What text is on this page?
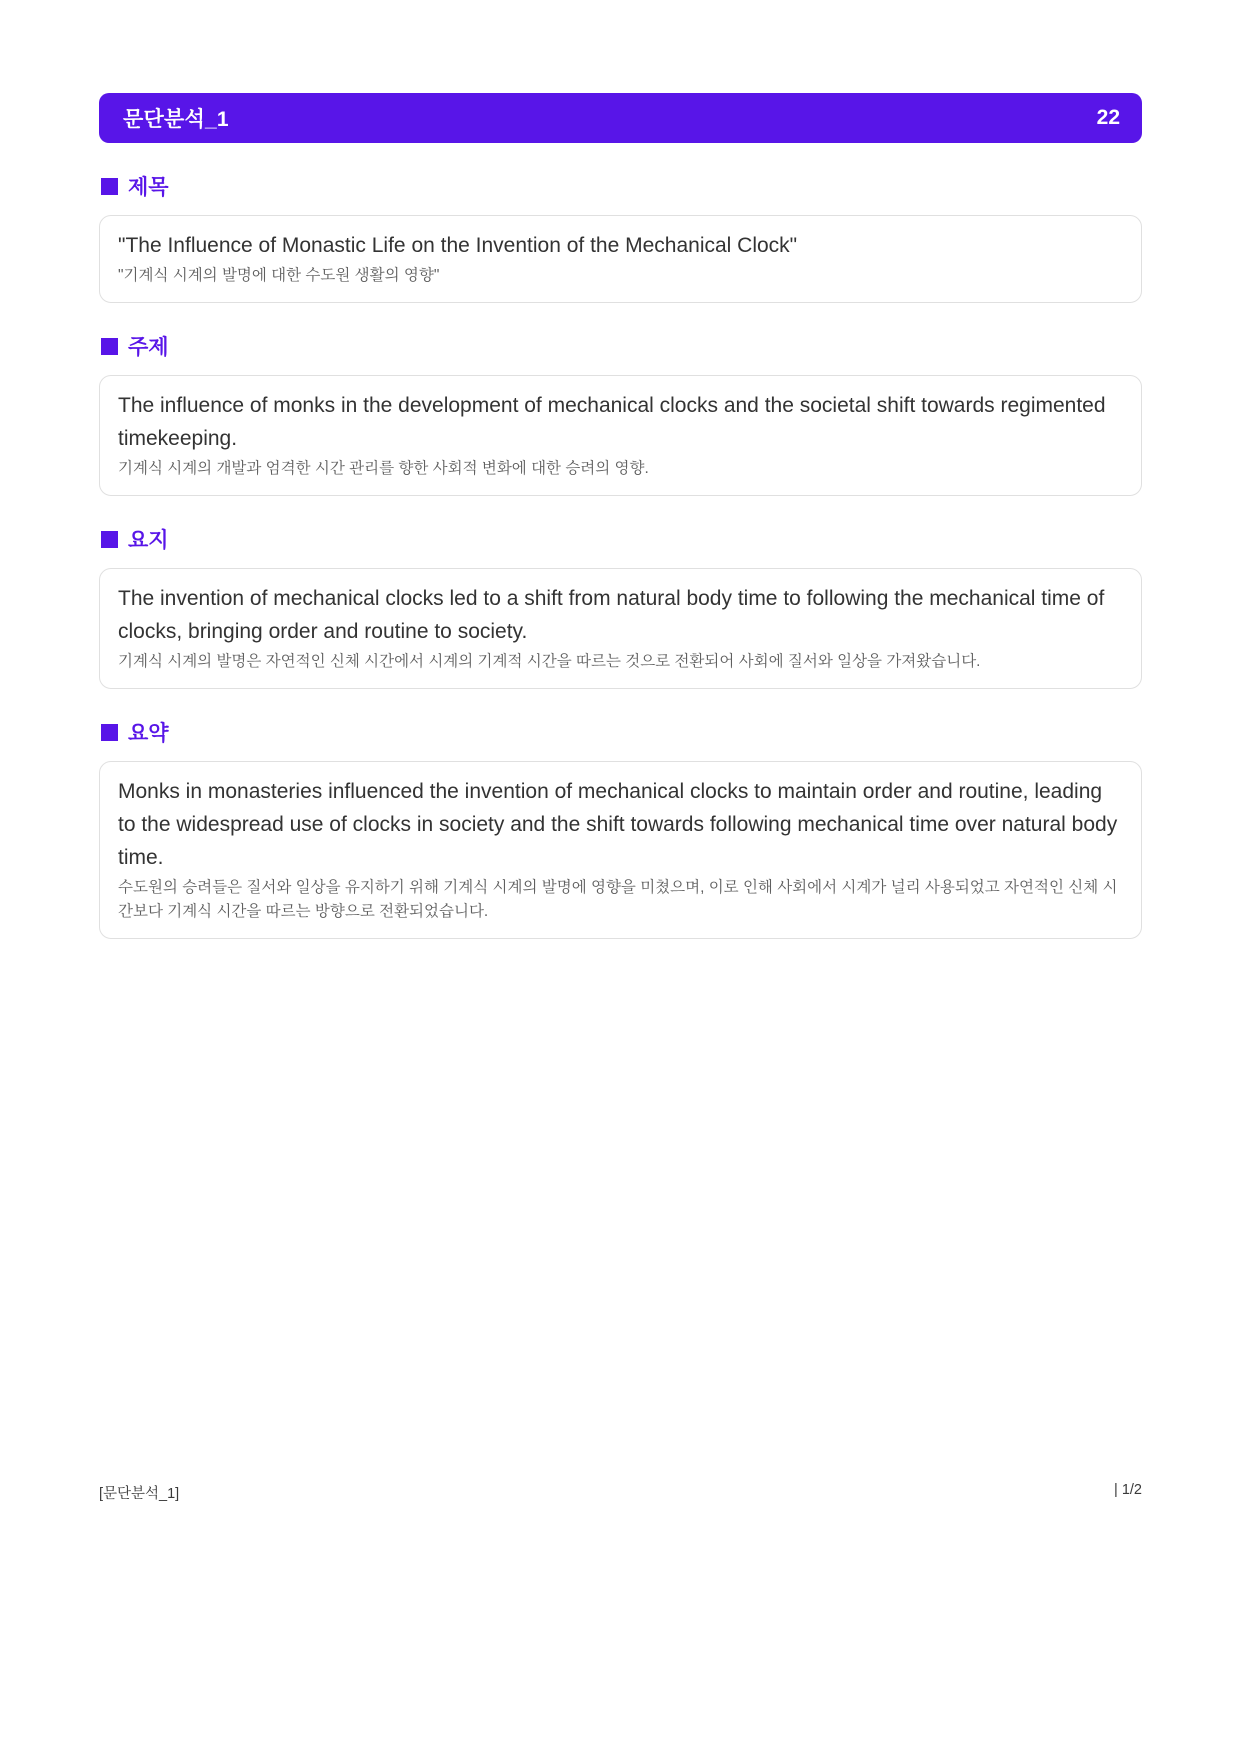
문단분석_1	22
제목

"The Influence of Monastic Life on the Invention of the Mechanical Clock"

"기계식 시계의 발명에 대한 수도원 생활의 영향"

주제

The influence of monks in the development of mechanical clocks and the societal shift towards regimented timekeeping.

기계식 시계의 개발과 엄격한 시간 관리를 향한 사회적 변화에 대한 승려의 영향.

요지

The invention of mechanical clocks led to a shift from natural body time to following the mechanical time of clocks, bringing order and routine to society.

기계식 시계의 발명은 자연적인 신체 시간에서 시계의 기계적 시간을 따르는 것으로 전환되어 사회에 질서와 일상을 가져왔습니다.

요약

Monks in monasteries influenced the invention of mechanical clocks to maintain order and routine, leading to the widespread use of clocks in society and the shift towards following mechanical time over natural body time.

수도원의 승려들은 질서와 일상을 유지하기 위해 기계식 시계의 발명에 영향을 미쳤으며, 이로 인해 사회에서 시계가 널리 사용되었고 자연적인 신체 시간보다 기계식 시간을 따르는 방향으로 전환되었습니다.

[문단분석_1]	| 1/2
